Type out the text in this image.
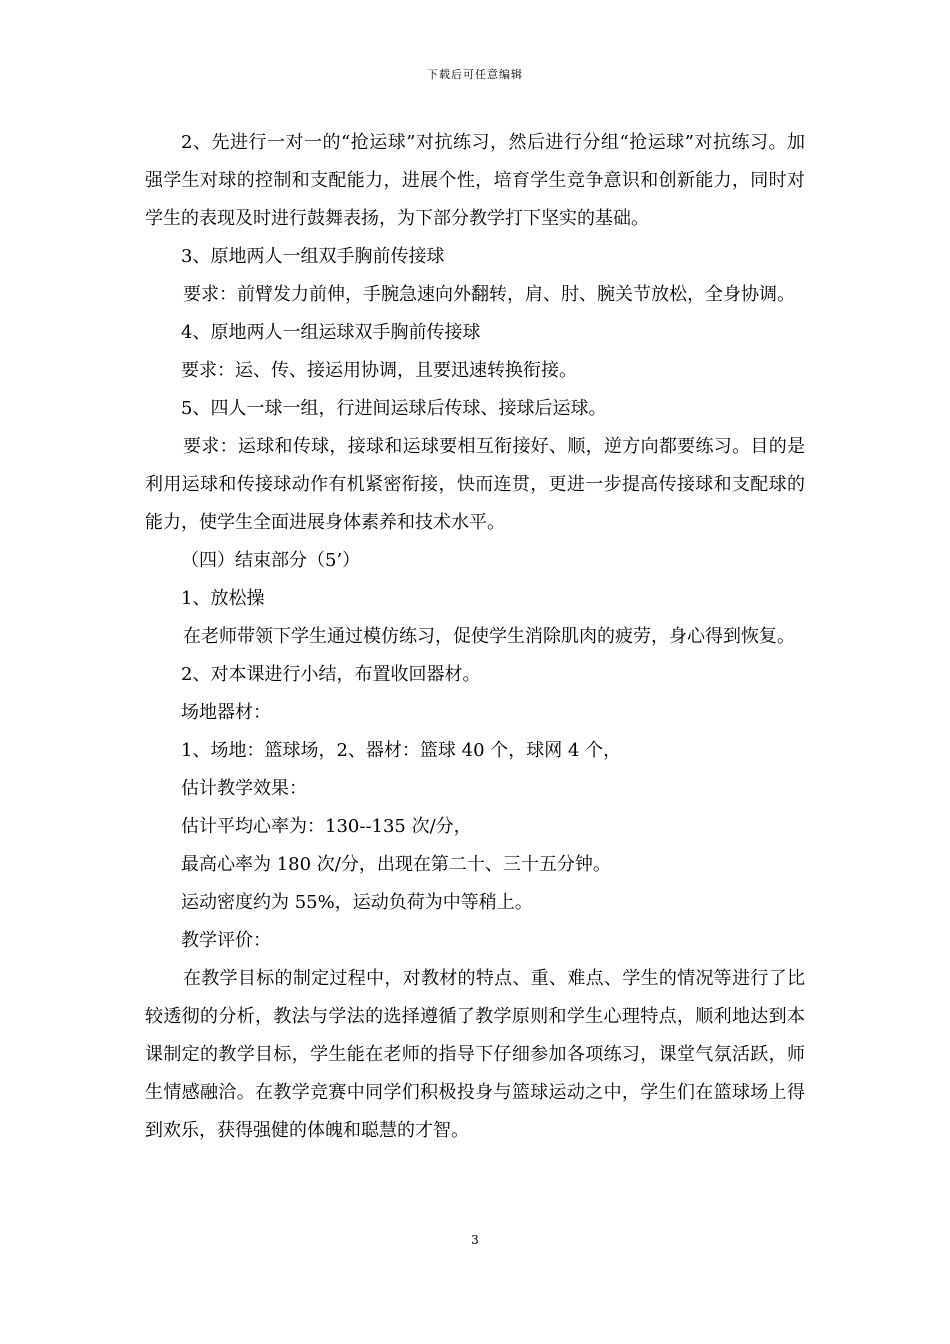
下载后可任意编辑

2、先进行一对一的“抢运球”对抗练习，然后进行分组“抢运球”对抗练习。加强学生对球的控制和支配能力，进展个性，培育学生竞争意识和创新能力，同时对学生的表现及时进行鼓舞表扬，为下部分教学打下坚实的基础。

3、原地两人一组双手胸前传接球

要求：前臂发力前伸，手腕急速向外翻转，肩、肘、腕关节放松，全身协调。

4、原地两人一组运球双手胸前传接球

要求：运、传、接运用协调，且要迅速转换衔接。

5、四人一球一组，行进间运球后传球、接球后运球。

要求：运球和传球，接球和运球要相互衔接好、顺，逆方向都要练习。目的是利用运球和传接球动作有机紧密衔接，快而连贯，更进一步提高传接球和支配球的能力，使学生全面进展身体素养和技术水平。

（四）结束部分（5’）

1、放松操

在老师带领下学生通过模仿练习，促使学生消除肌肉的疲劳，身心得到恢复。

2、对本课进行小结，布置收回器材。

场地器材：

1、场地：篮球场，2、器材：篮球 40 个，球网 4 个，

估计教学效果：

估计平均心率为：130--135 次/分，

最高心率为 180 次/分，出现在第二十、三十五分钟。

运动密度约为 55%，运动负荷为中等稍上。

教学评价：

在教学目标的制定过程中，对教材的特点、重、难点、学生的情况等进行了比较透彻的分析，教法与学法的选择遵循了教学原则和学生心理特点，顺利地达到本课制定的教学目标，学生能在老师的指导下仔细参加各项练习，课堂气氛活跃，师生情感融洽。在教学竞赛中同学们积极投身与篮球运动之中，学生们在篮球场上得到欢乐，获得强健的体魄和聪慧的才智。

3
